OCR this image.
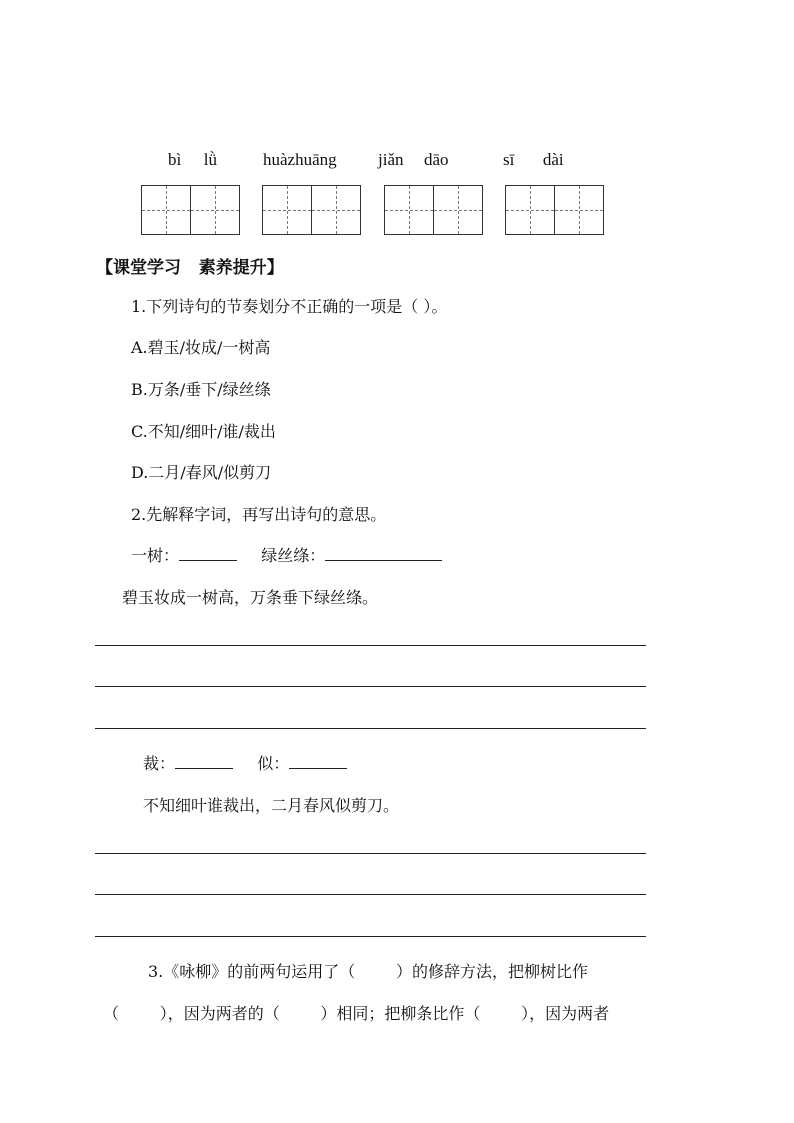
bì lǜ	huàzhuāng jiǎn dāo	sī dài
【课堂学习   素养提升】
1.下列诗句的节奏划分不正确的一项是（ ）。
A.碧玉/妆成/一树高
B.万条/垂下/绿丝绦
C.不知/细叶/谁/裁出
D.二月/春风/似剪刀
2.先解释字词，再写出诗句的意思。
一树：	绿丝绦：
碧玉妆成一树高，万条垂下绿丝绦。
裁：	似：
不知细叶谁裁出，二月春风似剪刀。
3.《咏柳》的前两句运用了（        ）的修辞方法，把柳树比作
（        ），因为两者的（        ）相同；把柳条比作（        ），因为两者
